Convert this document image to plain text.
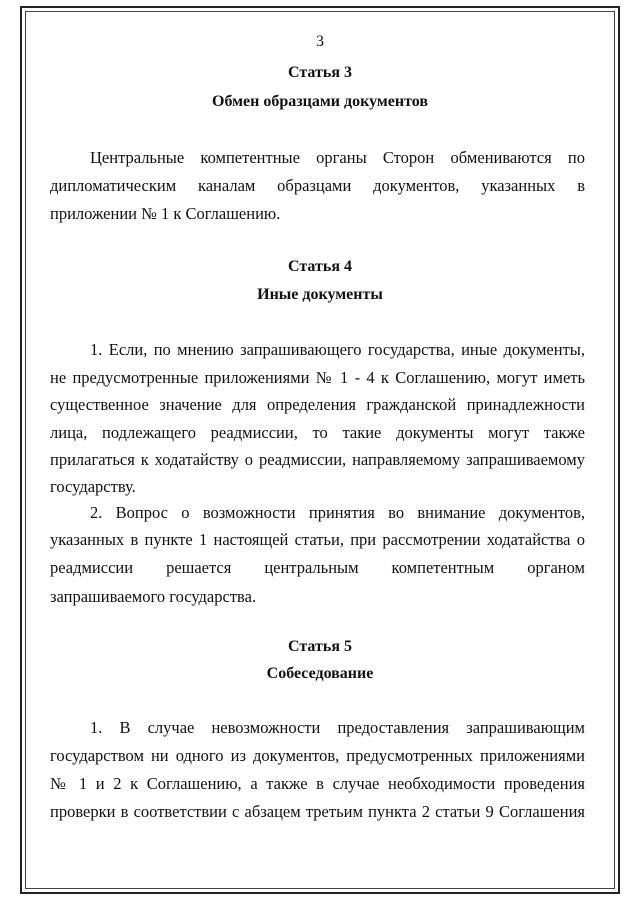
3
Статья 3
Обмен образцами документов
Центральные компетентные органы Сторон обмениваются по
дипломатическим каналам образцами документов, указанных в
приложении № 1 к Соглашению.
Статья 4
Иные документы
1. Если, по мнению запрашивающего государства, иные документы,
не предусмотренные приложениями № 1 - 4 к Соглашению, могут иметь
существенное значение для определения гражданской принадлежности
лица, подлежащего реадмиссии, то такие документы могут также
прилагаться к ходатайству о реадмиссии, направляемому запрашиваемому
государству.
2. Вопрос о возможности принятия во внимание документов,
указанных в пункте 1 настоящей статьи, при рассмотрении ходатайства о
реадмиссии решается центральным компетентным органом
запрашиваемого государства.
Статья 5
Собеседование
1. В случае невозможности предоставления запрашивающим
государством ни одного из документов, предусмотренных приложениями
№ 1 и 2 к Соглашению, а также в случае необходимости проведения
проверки в соответствии с абзацем третьим пункта 2 статьи 9 Соглашения
